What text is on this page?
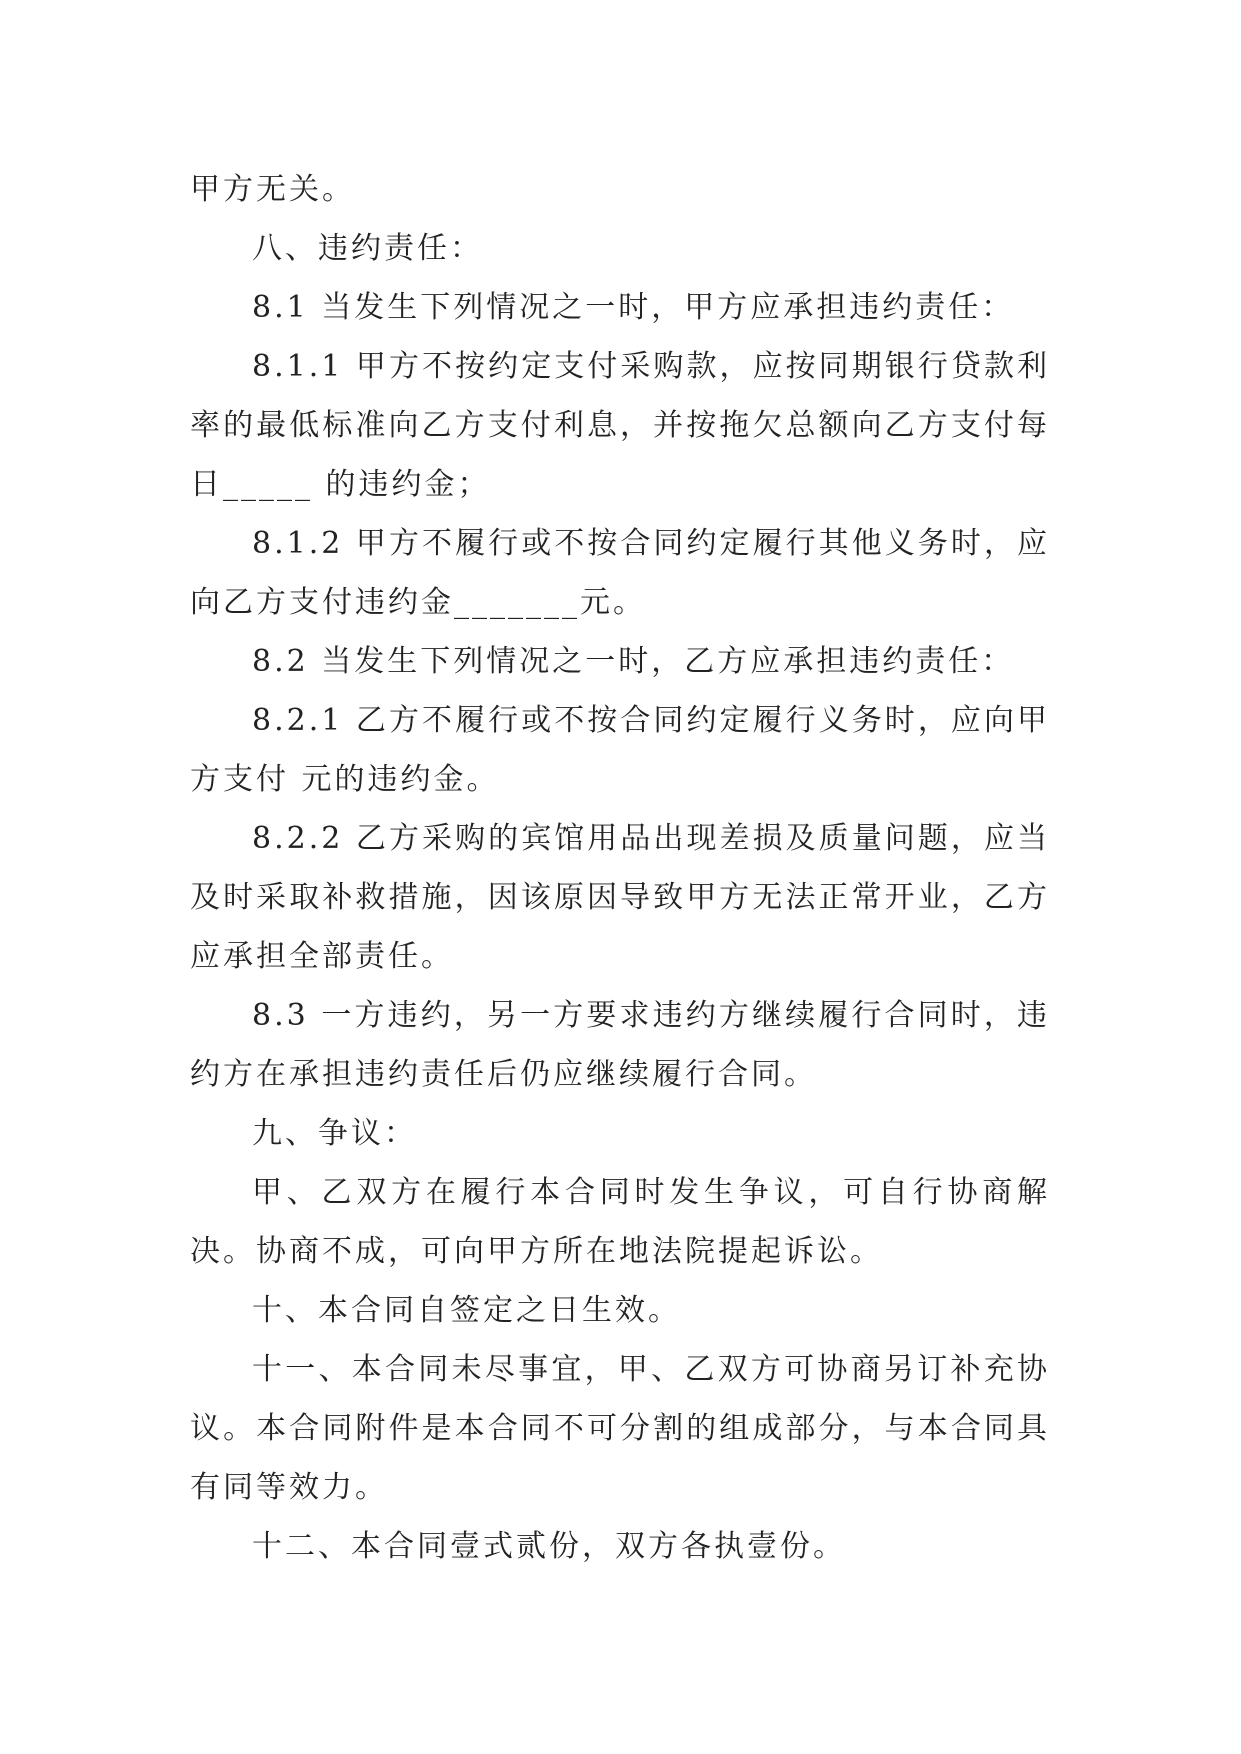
甲方无关。

八、违约责任：

8.1 当发生下列情况之一时，甲方应承担违约责任：

8.1.1 甲方不按约定支付采购款，应按同期银行贷款利率的最低标准向乙方支付利息，并按拖欠总额向乙方支付每日_____ 的违约金；

8.1.2 甲方不履行或不按合同约定履行其他义务时，应向乙方支付违约金_______元。

8.2 当发生下列情况之一时，乙方应承担违约责任：

8.2.1 乙方不履行或不按合同约定履行义务时，应向甲方支付 元的违约金。

8.2.2 乙方采购的宾馆用品出现差损及质量问题，应当及时采取补救措施，因该原因导致甲方无法正常开业，乙方应承担全部责任。

8.3 一方违约，另一方要求违约方继续履行合同时，违约方在承担违约责任后仍应继续履行合同。

九、争议：

甲、乙双方在履行本合同时发生争议，可自行协商解决。协商不成，可向甲方所在地法院提起诉讼。

十、本合同自签定之日生效。

十一、本合同未尽事宜，甲、乙双方可协商另订补充协议。本合同附件是本合同不可分割的组成部分，与本合同具有同等效力。

十二、本合同壹式贰份，双方各执壹份。
